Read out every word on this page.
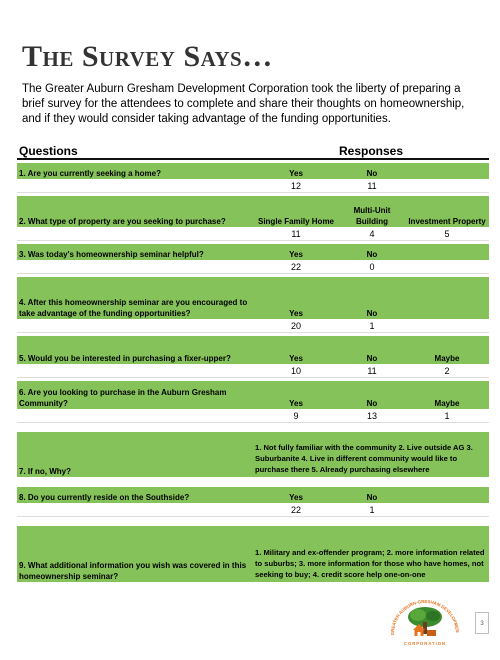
The Survey Says…

The Greater Auburn Gresham Development Corporation took the liberty of preparing a brief survey for the attendees to complete and share their thoughts on homeownership, and if they would consider taking advantage of the funding opportunities.

Questions	Responses		

1. Are you currently seeking a home?	Yes	No	
	12	11	

2. What type of property are you seeking to purchase?	Single Family Home	Multi-Unit Building	Investment Property
	11	4	5

3. Was today's homeownership seminar helpful?	Yes	No	
	22	0	

4. After this homeownership seminar are you encouraged to take advantage of the funding opportunities?	Yes	No	
	20	1	

5. Would you be interested in purchasing a fixer-upper?	Yes	No	Maybe
	10	11	2

6. Are you looking to purchase in the Auburn Gresham Community?	Yes	No	Maybe
	9	13	1

7. If no, Why?	1. Not fully familiar with the community 2. Live outside AG 3. Suburbanite 4. Live in different community would like to purchase there 5. Already purchasing elsewhere		

8. Do you currently reside on the Southside?	Yes	No	
	22	1	

9. What additional information you wish was covered in this homeownership seminar?	1. Military and ex-offender program; 2. more information related to suburbs; 3. more information for those who have homes, not seeking to buy; 4. credit score help one-on-one		
GREATER AUBURN-GRESHAM DEVELOPMEN
CORPORATION
3
